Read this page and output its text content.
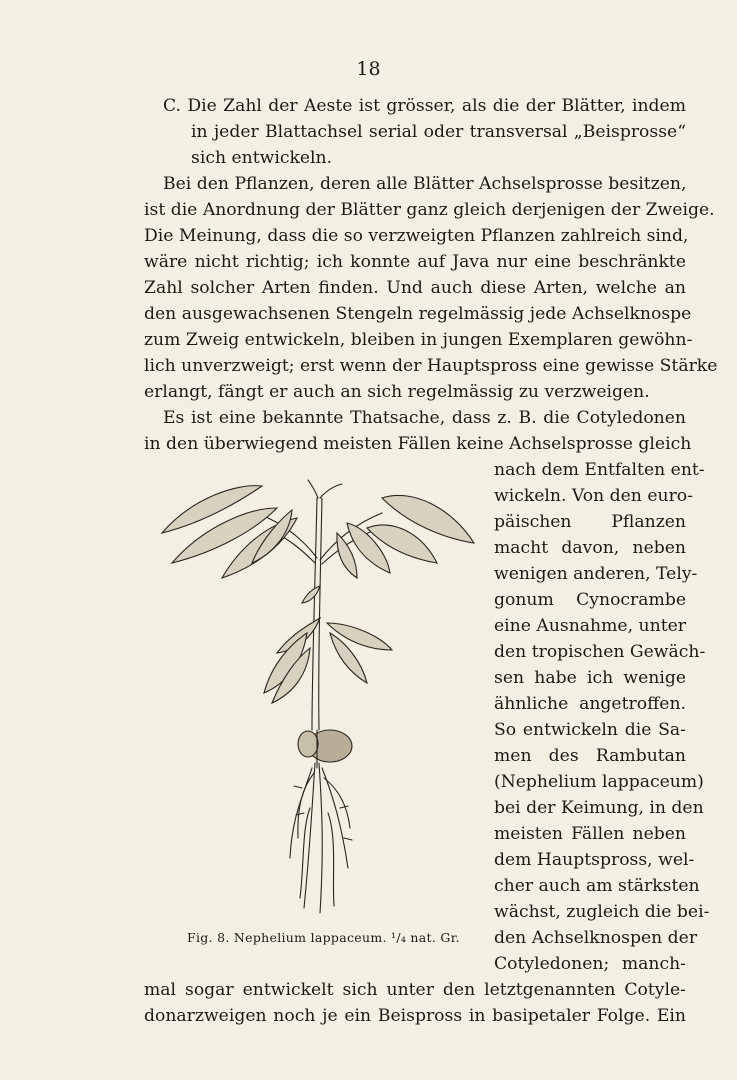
18
C. Die Zahl der Aeste ist grösser, als die der Blätter, indem
in jeder Blattachsel serial oder transversal „Beisprosse“
sich entwickeln.
Bei den Pflanzen, deren alle Blätter Achselsprosse besitzen,
ist die Anordnung der Blätter ganz gleich derjenigen der Zweige.
Die Meinung, dass die so verzweigten Pflanzen zahlreich sind,
wäre nicht richtig; ich konnte auf Java nur eine beschränkte
Zahl solcher Arten finden. Und auch diese Arten, welche an
den ausgewachsenen Stengeln regelmässig jede Achselknospe
zum Zweig entwickeln, bleiben in jungen Exemplaren gewöhn-
lich unverzweigt; erst wenn der Hauptspross eine gewisse Stärke
erlangt, fängt er auch an sich regelmässig zu verzweigen.
Es ist eine bekannte Thatsache, dass z. B. die Cotyledonen
in den überwiegend meisten Fällen keine Achselsprosse gleich
nach dem Entfalten ent-
wickeln. Von den euro-
päischen Pflanzen
macht davon, neben
wenigen anderen, Tely-
gonum Cynocrambe
eine Ausnahme, unter
den tropischen Gewäch-
sen habe ich wenige
ähnliche angetroffen.
So entwickeln die Sa-
men des Rambutan
(Nephelium lappaceum)
bei der Keimung, in den
meisten Fällen neben
dem Hauptspross, wel-
cher auch am stärksten
wächst, zugleich die bei-
den Achselknospen der
Cotyledonen; manch-
mal sogar entwickelt sich unter den letztgenannten Cotyle-
donarzweigen noch je ein Beispross in basipetaler Folge. Ein
Fig. 8. Nephelium lappaceum. ¹/₄ nat. Gr.
